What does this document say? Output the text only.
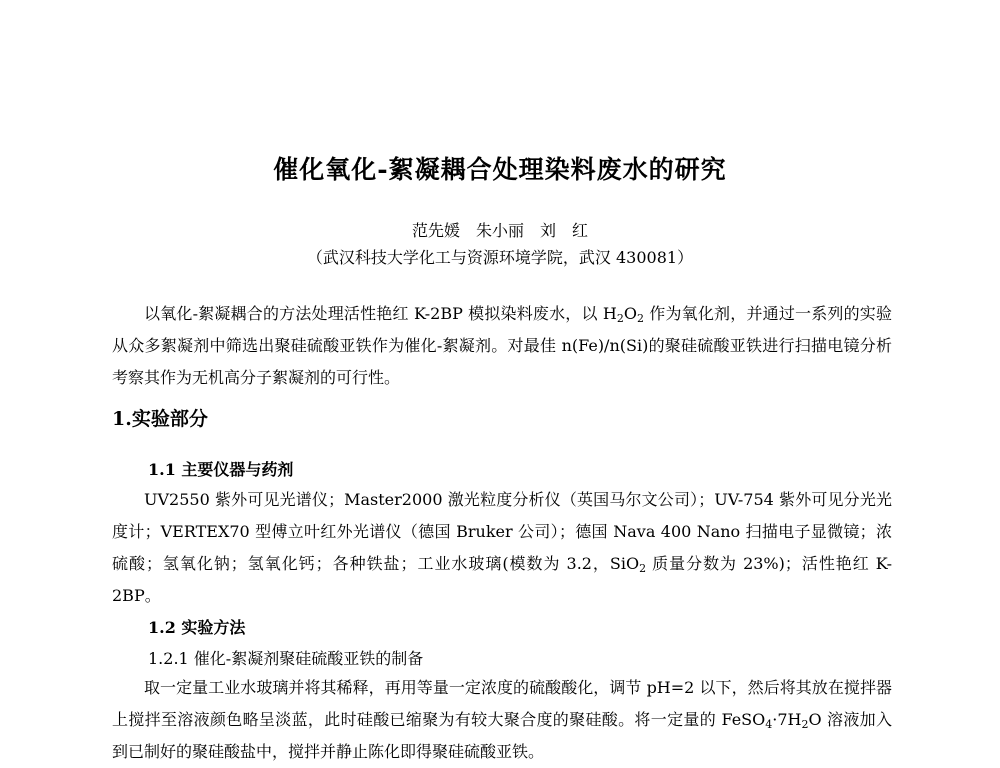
催化氧化-絮凝耦合处理染料废水的研究
范先媛　朱小丽　刘　红
（武汉科技大学化工与资源环境学院，武汉 430081）

以氧化-絮凝耦合的方法处理活性艳红 K-2BP 模拟染料废水，以 $H_2O_2$ 作为氧化剂，并通过一系列的实验从众多絮凝剂中筛选出聚硅硫酸亚铁作为催化-絮凝剂。对最佳 n(Fe)/n(Si)的聚硅硫酸亚铁进行扫描电镜分析考察其作为无机高分子絮凝剂的可行性。

1.实验部分
1.1 主要仪器与药剂

UV2550 紫外可见光谱仪；Master2000 激光粒度分析仪（英国马尔文公司）；UV-754 紫外可见分光光度计；VERTEX70 型傅立叶红外光谱仪（德国 Bruker 公司）；德国 Nava 400 Nano 扫描电子显微镜；浓硫酸；氢氧化钠；氢氧化钙；各种铁盐；工业水玻璃(模数为 3.2，SiO$_2$ 质量分数为 23%)；活性艳红 K-2BP。

1.2 实验方法
1.2.1 催化-絮凝剂聚硅硫酸亚铁的制备

取一定量工业水玻璃并将其稀释，再用等量一定浓度的硫酸酸化，调节 pH=2 以下，然后将其放在搅拌器上搅拌至溶液颜色略呈淡蓝，此时硅酸已缩聚为有较大聚合度的聚硅酸。将一定量的 $FeSO_4\cdot 7H_2O$ 溶液加入到已制好的聚硅酸盐中，搅拌并静止陈化即得聚硅硫酸亚铁。
